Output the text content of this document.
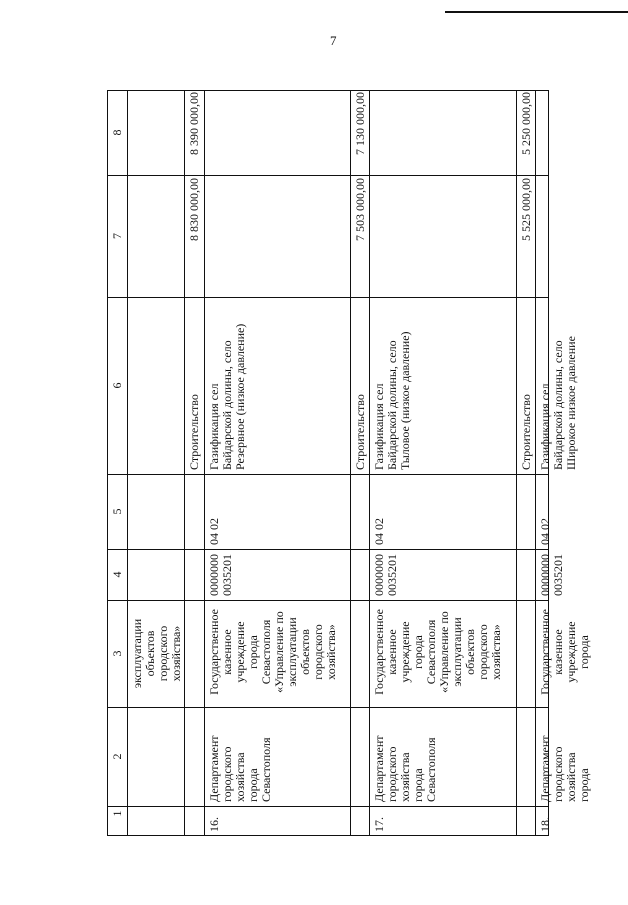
7
1
2
3
4
5
6
7
8
эксплуатации
объектов
городского
хозяйства»
16.
Департамент
городского
хозяйства
города
Севастополя
Государственное
казенное
учреждение
города
Севастополя
«Управление по
эксплуатации
объектов
городского
хозяйства»
0000000
0035201
04 02
Газификация сел
Байдарской долины, село
Резервное (низкое давление)
Строительство
8 830 000,00
8 390 000,00
17.
Департамент
городского
хозяйства
города
Севастополя
Государственное
казенное
учреждение
города
Севастополя
«Управление по
эксплуатации
объектов
городского
хозяйства»
0000000
0035201
04 02
Газификация сел
Байдарской долины, село
Тыловое (низкое давление)
Строительство
7 503 000,00
7 130 000,00
18.
Департамент
городского
хозяйства
города
Государственное
казенное
учреждение
города
0000000
0035201
04 02
Газификация сел
Байдарской долины, село
Широкое низкое давление
Строительство
5 525 000,00
5 250 000,00
